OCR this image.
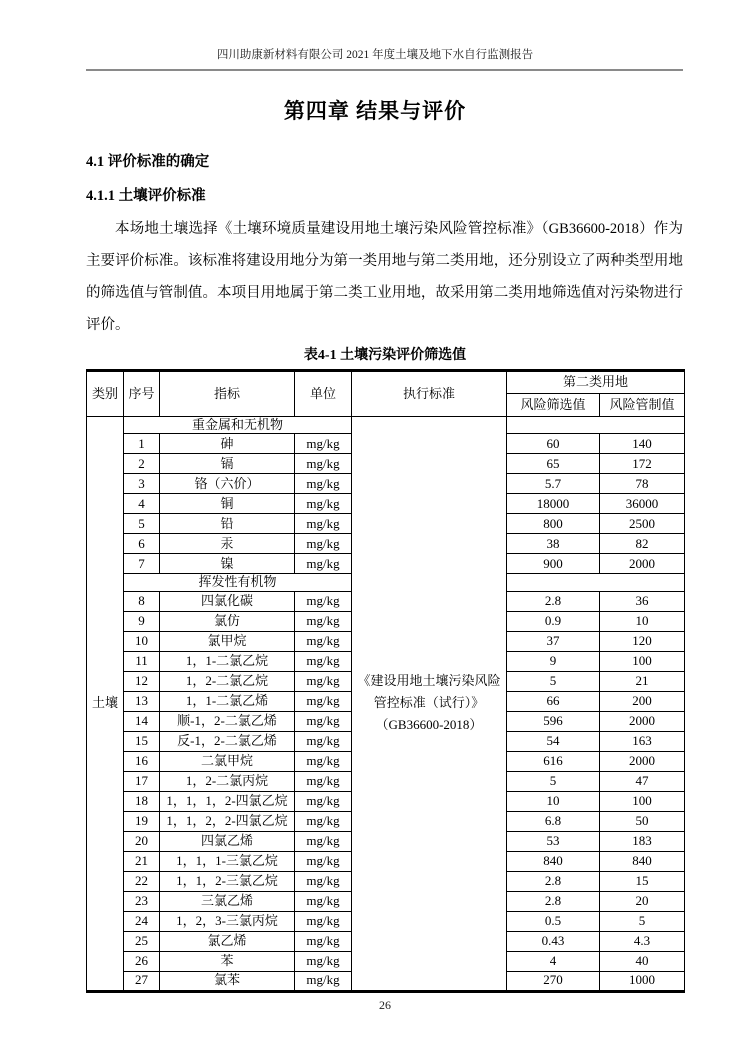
四川助康新材料有限公司 2021 年度土壤及地下水自行监测报告
第四章 结果与评价
4.1 评价标准的确定
4.1.1 土壤评价标准
本场地土壤选择《土壤环境质量建设用地土壤污染风险管控标准》（GB36600-2018）作为主要评价标准。该标准将建设用地分为第一类用地与第二类用地，还分别设立了两种类型用地的筛选值与管制值。本项目用地属于第二类工业用地，故采用第二类用地筛选值对污染物进行评价。
表4-1 土壤污染评价筛选值
类别	序号	指标	单位	执行标准	第二类用地	
					风险筛选值	风险管制值
土壤	重金属和无机物			《建设用地土壤污染风险管控标准（试行）》（GB36600-2018）		
	1	砷	mg/kg		60	140
	2	镉	mg/kg		65	172
	3	铬（六价）	mg/kg		5.7	78
	4	铜	mg/kg		18000	36000
	5	铅	mg/kg		800	2500
	6	汞	mg/kg		38	82
	7	镍	mg/kg		900	2000
	挥发性有机物					
	8	四氯化碳	mg/kg		2.8	36
	9	氯仿	mg/kg		0.9	10
	10	氯甲烷	mg/kg		37	120
	11	1，1-二氯乙烷	mg/kg		9	100
	12	1，2-二氯乙烷	mg/kg		5	21
	13	1，1-二氯乙烯	mg/kg		66	200
	14	顺-1，2-二氯乙烯	mg/kg		596	2000
	15	反-1，2-二氯乙烯	mg/kg		54	163
	16	二氯甲烷	mg/kg		616	2000
	17	1，2-二氯丙烷	mg/kg		5	47
	18	1，1，1，2-四氯乙烷	mg/kg		10	100
	19	1，1，2，2-四氯乙烷	mg/kg		6.8	50
	20	四氯乙烯	mg/kg		53	183
	21	1，1，1-三氯乙烷	mg/kg		840	840
	22	1，1，2-三氯乙烷	mg/kg		2.8	15
	23	三氯乙烯	mg/kg		2.8	20
	24	1，2，3-三氯丙烷	mg/kg		0.5	5
	25	氯乙烯	mg/kg		0.43	4.3
	26	苯	mg/kg		4	40
	27	氯苯	mg/kg		270	1000
26
